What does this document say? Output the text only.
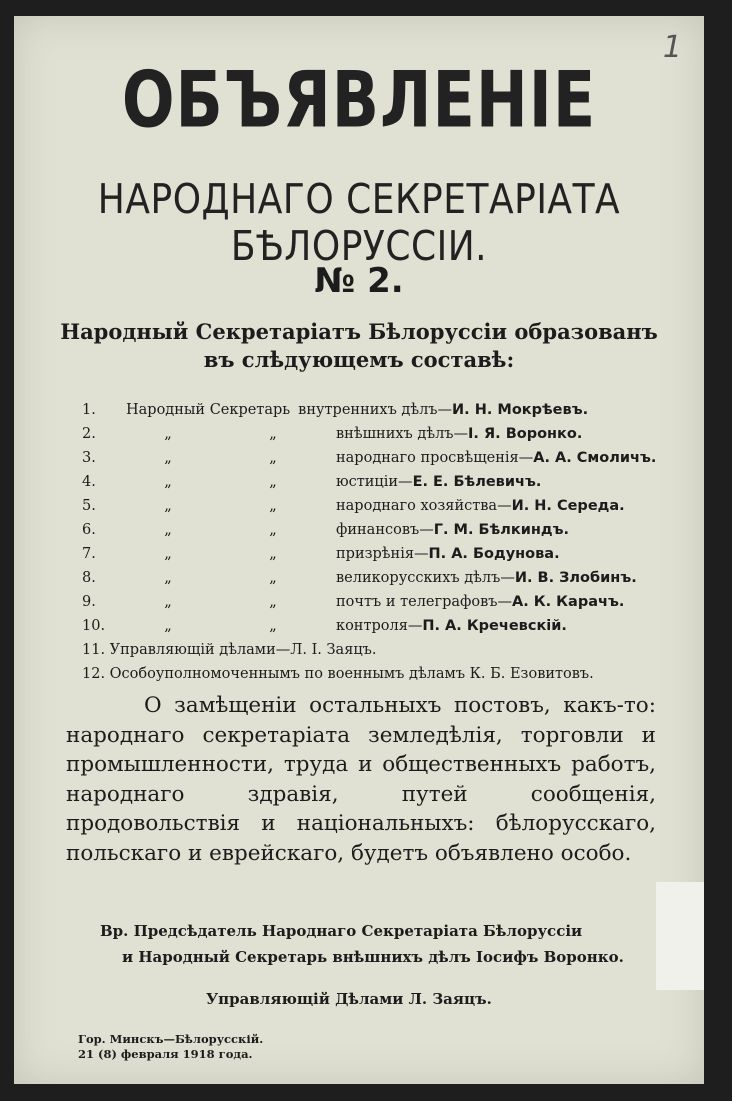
1
ОБЪЯВЛЕНІЕ
НАРОДНАГО СЕКРЕТАРІАТА БѢЛОРУССІИ.
№ 2.
Народный Секретаріатъ Бѣлоруссіи образованъ
въ слѣдующемъ составѣ:
1.	Народный Секретарь внутреннихъ дѣлъ— И. Н. Мокрѣевъ.
2.	„	„	внѣшнихъ дѣлъ— І. Я. Воронко.
3.	„	„	народнаго просвѣщенія— А. А. Смоличъ.
4.	„	„	юстиціи— Е. Е. Бѣлевичъ.
5.	„	„	народнаго хозяйства— И. Н. Середа.
6.	„	„	финансовъ— Г. М. Бѣлкиндъ.
7.	„	„	призрѣнія— П. А. Бодунова.
8.	„	„	великорусскихъ дѣлъ— И. В. Злобинъ.
9.	„	„	почтъ и телеграфовъ— А. К. Карачъ.
10.	„	„	контроля— П. А. Кречевскій.
11. Управляющій дѣлами—Л. І. Заяцъ.
12. Особоуполномоченнымъ по военнымъ дѣламъ К. Б. Езовитовъ.

О замѣщеніи остальныхъ постовъ, какъ-то: народнаго секретаріата земледѣлія, торговли и промышленности, труда и общественныхъ работъ, народнаго здравія, путей сообщенія, продовольствія и національныхъ: бѣлорусскаго, польскаго и еврейскаго, будетъ объявлено особо.

Вр. Предсѣдатель Народнаго Секретаріата Бѣлоруссіи
и Народный Секретарь внѣшнихъ дѣлъ Іосифъ Воронко.
Управляющій Дѣлами Л. Заяцъ.
Гор. Минскъ—Бѣлорусскій.
21 (8) февраля 1918 года.
